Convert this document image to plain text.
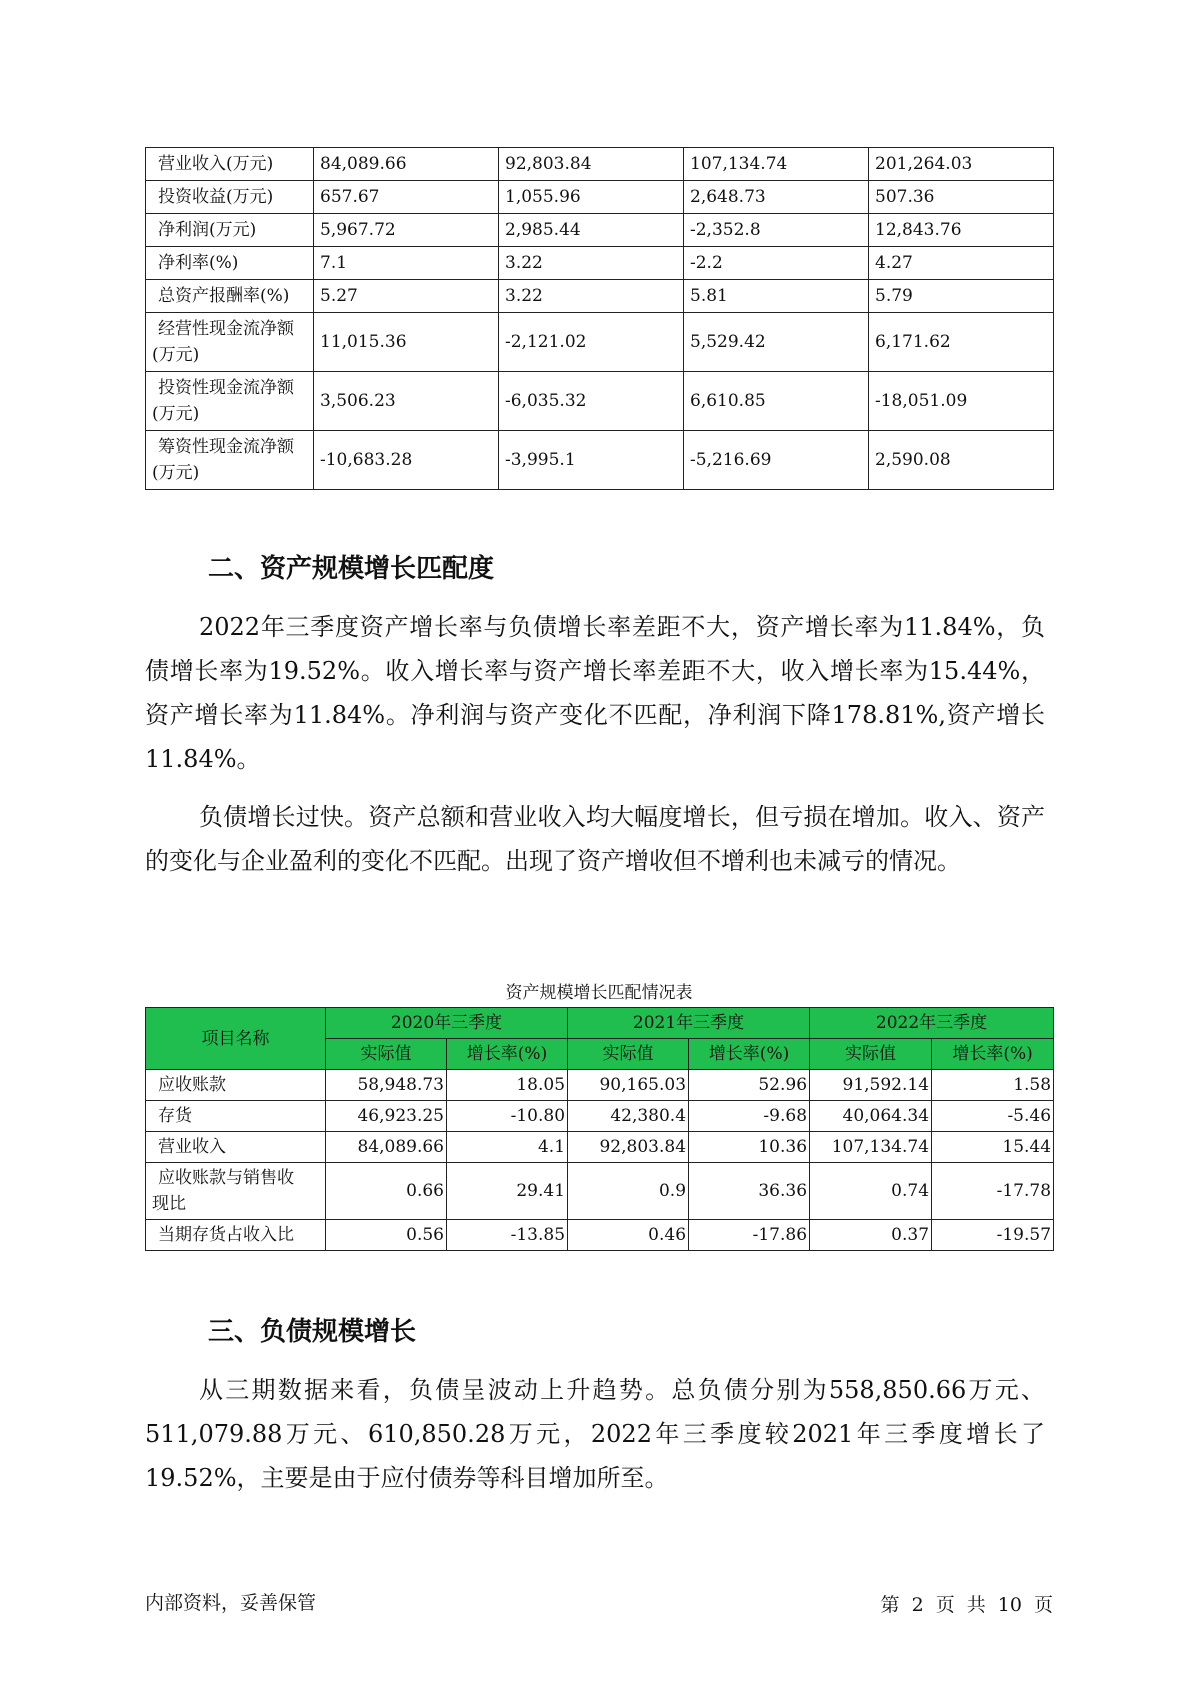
营业收入(万元)	84,089.66	92,803.84	107,134.74	201,264.03
投资收益(万元)	657.67	1,055.96	2,648.73	507.36
净利润(万元)	5,967.72	2,985.44	-2,352.8	12,843.76
净利率(%)	7.1	3.22	-2.2	4.27
总资产报酬率(%)	5.27	3.22	5.81	5.79

经营性现金流净额
(万元)	11,015.36	-2,121.02	5,529.42	6,171.62

投资性现金流净额
(万元)	3,506.23	-6,035.32	6,610.85	-18,051.09

筹资性现金流净额
(万元)	-10,683.28	-3,995.1	-5,216.69	2,590.08
二、资产规模增长匹配度

2022年三季度资产增长率与负债增长率差距不大，资产增长率为11.84%，负债增长率为19.52%。收入增长率与资产增长率差距不大，收入增长率为15.44%，资产增长率为11.84%。净利润与资产变化不匹配，净利润下降178.81%,资产增长11.84%。

负债增长过快。资产总额和营业收入均大幅度增长，但亏损在增加。收入、资产的变化与企业盈利的变化不匹配。出现了资产增收但不增利也未减亏的情况。

资产规模增长匹配情况表
项目名称	2020年三季度		2021年三季度		2022年三季度	
	实际值	增长率(%)	实际值	增长率(%)	实际值	增长率(%)
应收账款	58,948.73	18.05	90,165.03	52.96	91,592.14	1.58
存货	46,923.25	-10.80	42,380.4	-9.68	40,064.34	-5.46
营业收入	84,089.66	4.1	92,803.84	10.36	107,134.74	15.44

应收账款与销售收
现比	0.66	29.41	0.9	36.36	0.74	-17.78
当期存货占收入比	0.56	-13.85	0.46	-17.86	0.37	-19.57
三、负债规模增长

从三期数据来看，负债呈波动上升趋势。总负债分别为558,850.66万元、511,079.88万元、610,850.28万元，2022年三季度较2021年三季度增长了19.52%，主要是由于应付债券等科目增加所至。

内部资料，妥善保管	第 2 页 共 10 页
